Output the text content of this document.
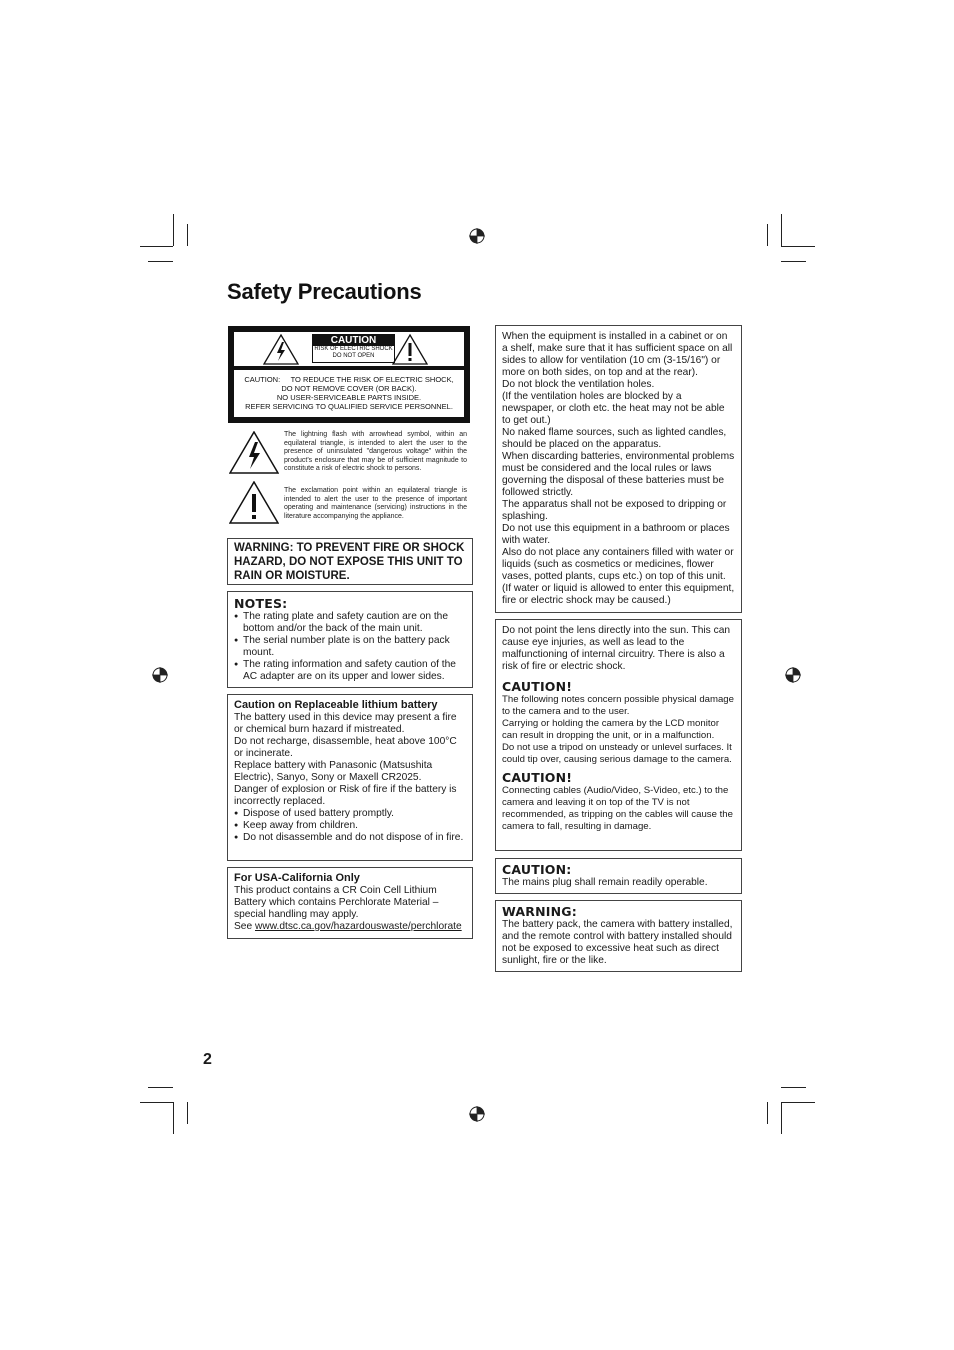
Safety Precautions
CAUTION
RISK OF ELECTRIC SHOCK
DO NOT OPEN
CAUTION: TO REDUCE THE RISK OF ELECTRIC SHOCK,
DO NOT REMOVE COVER (OR BACK).
NO USER-SERVICEABLE PARTS INSIDE.
REFER SERVICING TO QUALIFIED SERVICE PERSONNEL.
The lightning flash with arrowhead symbol, within an equilateral triangle, is intended to alert the user to the presence of uninsulated "dangerous voltage" within the product's enclosure that may be of sufficient magnitude to constitute a risk of electric shock to persons.
The exclamation point within an equilateral triangle is intended to alert the user to the presence of important operating and maintenance (servicing) instructions in the literature accompanying the appliance.
WARNING: TO PREVENT FIRE OR SHOCK HAZARD, DO NOT EXPOSE THIS UNIT TO RAIN OR MOISTURE.
NOTES:
● The rating plate and safety caution are on the bottom and/or the back of the main unit.
● The serial number plate is on the battery pack mount.
● The rating information and safety caution of the AC adapter are on its upper and lower sides.
Caution on Replaceable lithium battery

The battery used in this device may present a fire or chemical burn hazard if mistreated.

Do not recharge, disassemble, heat above 100°C or incinerate.

Replace battery with Panasonic (Matsushita Electric), Sanyo, Sony or Maxell CR2025.

Danger of explosion or Risk of fire if the battery is incorrectly replaced.

● Dispose of used battery promptly.
● Keep away from children.
● Do not disassemble and do not dispose of in fire.
For USA-California Only

This product contains a CR Coin Cell Lithium Battery which contains Perchlorate Material – special handling may apply.

See www.dtsc.ca.gov/hazardouswaste/perchlorate

When the equipment is installed in a cabinet or on a shelf, make sure that it has sufficient space on all sides to allow for ventilation (10 cm (3-15/16") or more on both sides, on top and at the rear).

Do not block the ventilation holes.

(If the ventilation holes are blocked by a newspaper, or cloth etc. the heat may not be able to get out.)

No naked flame sources, such as lighted candles, should be placed on the apparatus.

When discarding batteries, environmental problems must be considered and the local rules or laws governing the disposal of these batteries must be followed strictly.

The apparatus shall not be exposed to dripping or splashing.

Do not use this equipment in a bathroom or places with water.

Also do not place any containers filled with water or liquids (such as cosmetics or medicines, flower vases, potted plants, cups etc.) on top of this unit.

(If water or liquid is allowed to enter this equipment, fire or electric shock may be caused.)

Do not point the lens directly into the sun. This can cause eye injuries, as well as lead to the malfunctioning of internal circuitry. There is also a risk of fire or electric shock.

CAUTION!

The following notes concern possible physical damage to the camera and to the user.

Carrying or holding the camera by the LCD monitor can result in dropping the unit, or in a malfunction.

Do not use a tripod on unsteady or unlevel surfaces. It could tip over, causing serious damage to the camera.

CAUTION!

Connecting cables (Audio/Video, S-Video, etc.) to the camera and leaving it on top of the TV is not recommended, as tripping on the cables will cause the camera to fall, resulting in damage.

CAUTION:
The mains plug shall remain readily operable.
WARNING:
The battery pack, the camera with battery installed, and the remote control with battery installed should not be exposed to excessive heat such as direct sunlight, fire or the like.
2
